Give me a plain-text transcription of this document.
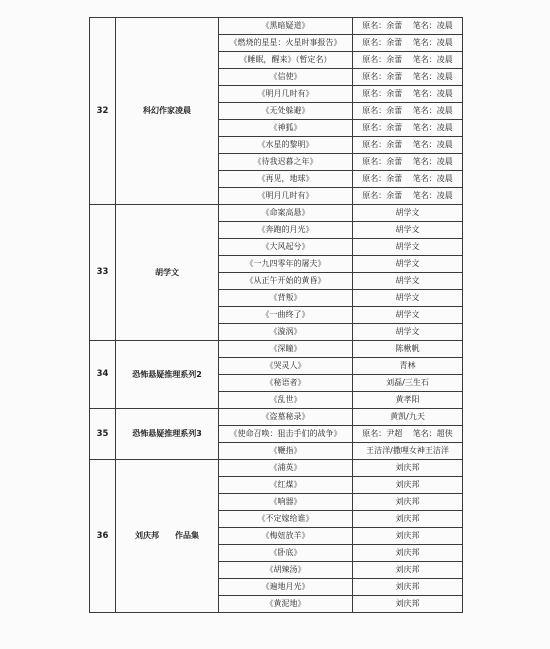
32	科幻作家凌晨	《黑暗疑道》	原名：余蕾　 笔名：凌晨
		《燃烧的星星：火星时事报告》	原名：余蕾　 笔名：凌晨
		《睡眠，醒来》（暂定名）	原名：余蕾　 笔名：凌晨
		《信使》	原名：余蕾　 笔名：凌晨
		《明月几时有》	原名：余蕾　 笔名：凌晨
		《无处躲避》	原名：余蕾　 笔名：凌晨
		《神狐》	原名：余蕾　 笔名：凌晨
		《水星的黎明》	原名：余蕾　 笔名：凌晨
		《待我迟暮之年》	原名：余蕾　 笔名：凌晨
		《再见，地球》	原名：余蕾　 笔名：凌晨
		《明月几时有》	原名：余蕾　 笔名：凌晨
33	胡学文	《命案高悬》	胡学文
		《奔跑的月光》	胡学文
		《大风起兮》	胡学文
		《一九四零年的屠夫》	胡学文
		《从正午开始的黄昏》	胡学文
		《背叛》	胡学文
		《一曲终了》	胡学文
		《漩涡》	胡学文
34	恐怖悬疑推理系列2	《深瞳》	陈楸帆
		《哭灵人》	青林
		《秘语者》	刘磊/三生石
		《乱世》	黄孝阳
35	恐怖悬疑推理系列3	《盗墓秘录》	黄凯/九天
		《使命召唤：狙击手们的战争》	原名：尹超　 笔名：超侠
		《鞭指》	王洁洋/撒哩女神王洁洋
36	刘庆邦　　作品集	《浦英》	刘庆邦
		《红煤》	刘庆邦
		《响器》	刘庆邦
		《不定嫁给谁》	刘庆邦
		《梅妞放羊》	刘庆邦
		《卧底》	刘庆邦
		《胡辣汤》	刘庆邦
		《遍地月光》	刘庆邦
		《黄泥地》	刘庆邦
